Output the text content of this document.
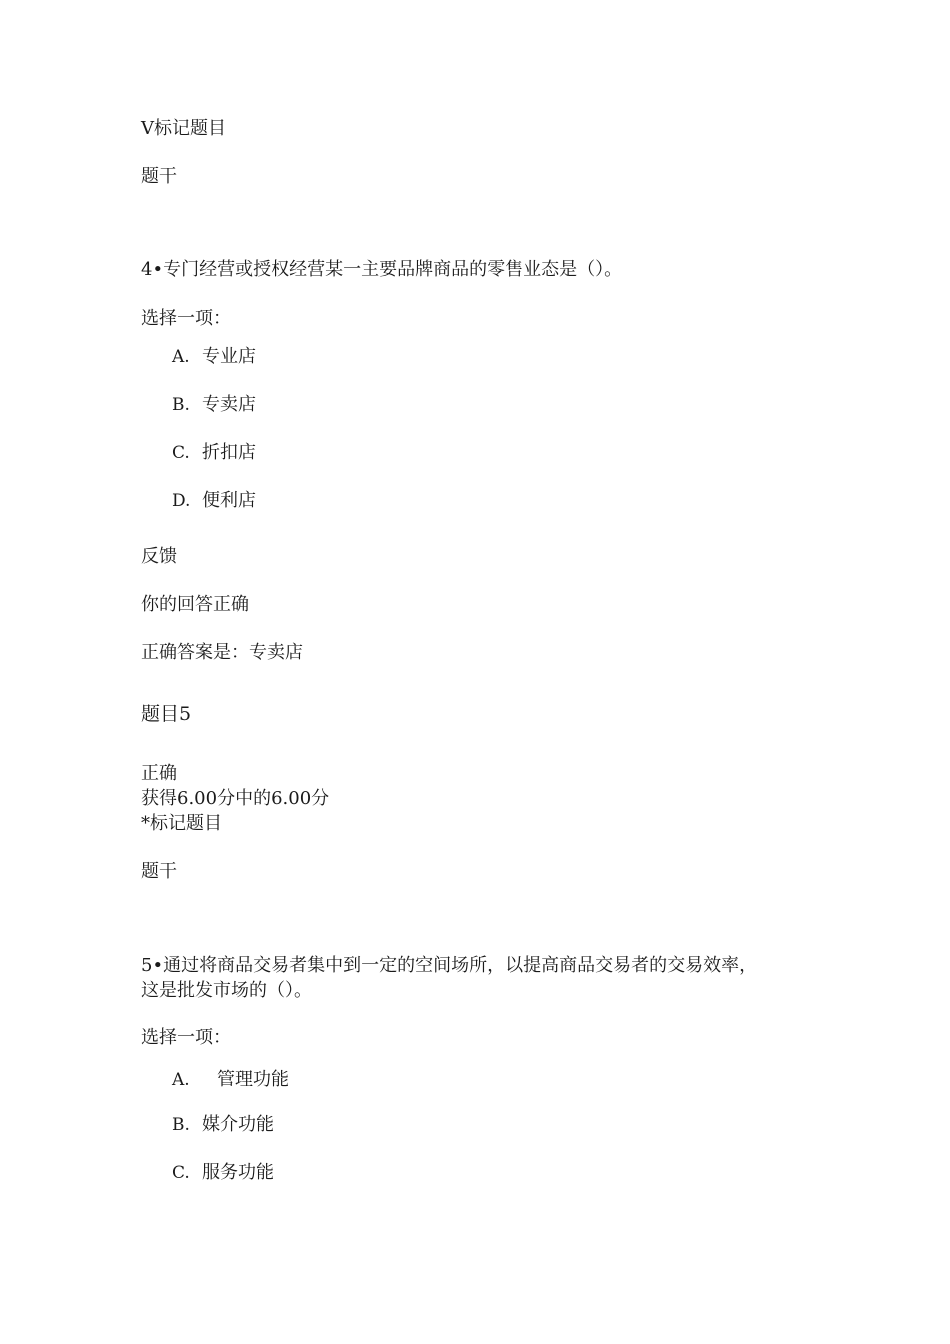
V标记题目
题干
4•专门经营或授权经营某一主要品牌商品的零售业态是（）。
选择一项：
A. 专业店
B. 专卖店
C. 折扣店
D. 便利店
反馈
你的回答正确
正确答案是：专卖店
题目5
正确
获得6.00分中的6.00分
*标记题目
题干
5•通过将商品交易者集中到一定的空间场所，以提高商品交易者的交易效率，
这是批发市场的（）。
选择一项：
A. 管理功能
B. 媒介功能
C. 服务功能
